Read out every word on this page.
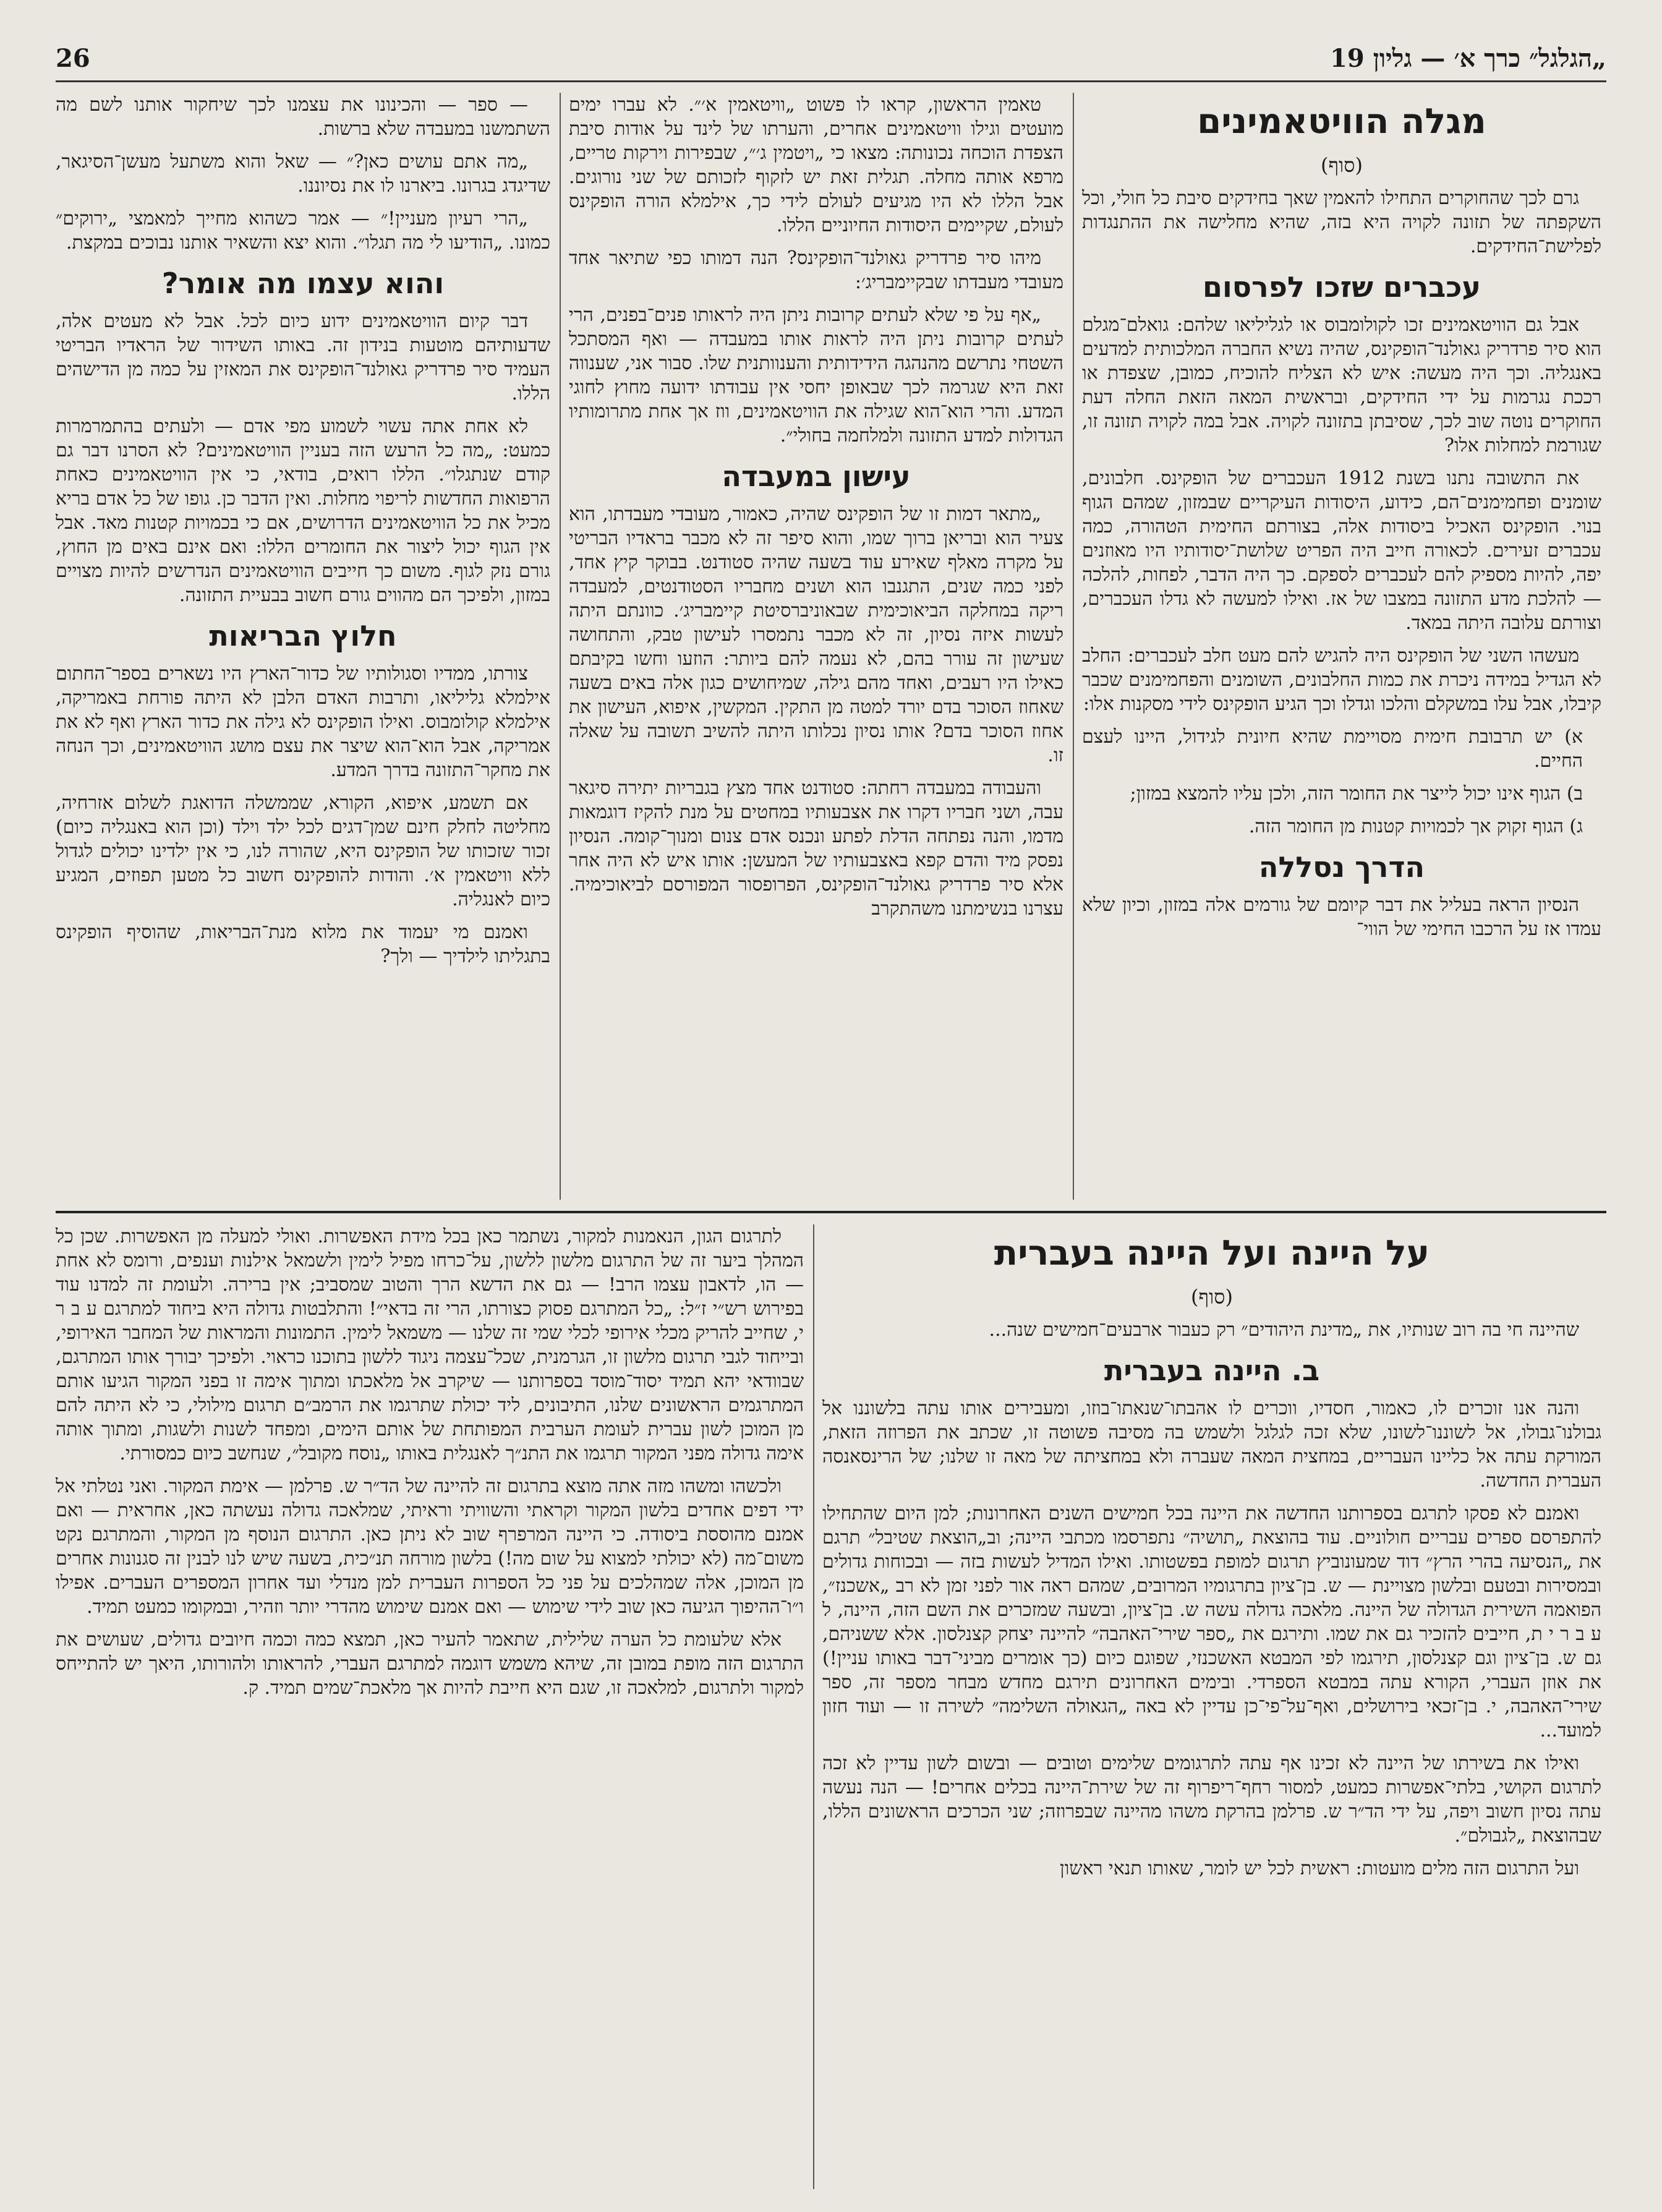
26	„הגלגל״ כרך א׳ — גליון 19
מגלה הוויטאמינים

(סוף)

גרם לכך שהחוקרים התחילו להאמין שאך בחידקים סיבת כל חולי, וכל השקפתה של תזונה לקויה היא בזה, שהיא מחלישה את ההתנגדות לפלישת־החידקים.

עכברים שזכו לפרסום

אבל גם הוויטאמינים זכו לקולומבוס או לגליליאו שלהם: גואלם־מגלם הוא סיר פרדריק גאולנד־הופקינס, שהיה נשיא החברה המלכותית למדעים באנגליה. וכך היה מעשה: איש לא הצליח להוכיח, כמובן, שצפדת או רככת נגרמות על ידי החידקים, ובראשית המאה הזאת החלה דעת החוקרים נוטה שוב לכך, שסיבתן בתזונה לקויה. אבל במה לקויה תזונה זו, שגורמת למחלות אלו?

את התשובה נתנו בשנת 1912 העכברים של הופקינס. חלבונים, שומנים ופחמימנים־הם, כידוע, היסודות העיקריים שבמזון, שמהם הגוף בנוי. הופקינס האכיל ביסודות אלה, בצורתם החימית הטהורה, כמה עכברים זעירים. לכאורה חייב היה הפריט שלושת־יסודותיו היו מאוזנים יפה, להיות מספיק להם לעכברים לספקם. כך היה הדבר, לפחות, להלכה — להלכת מדע התזונה במצבו של אז. ואילו למעשה לא גדלו העכברים, וצורתם עלובה היתה במאד.

מעשהו השני של הופקינס היה להגיש להם מעט חלב לעכברים: החלב לא הגדיל במידה ניכרת את כמות החלבונים, השומנים והפחמימנים שכבר קיבלו, אבל עלו במשקלם והלכו וגדלו וכך הגיע הופקינס לידי מסקנות אלו:

א) יש תרבובת חימית מסויימת שהיא חיונית לגידול, היינו לעצם החיים.

ב) הגוף אינו יכול לייצר את החומר הזה, ולכן עליו להמצא במזון;

ג) הגוף זקוק אך לכמויות קטנות מן החומר הזה.

הדרך נסללה

הנסיון הראה בעליל את דבר קיומם של גורמים אלה במזון, וכיון שלא עמדו אז על הרכבו החימי של הווי־

טאמין הראשון, קראו לו פשוט „וויטאמין א׳״. לא עברו ימים מועטים וגילו וויטאמינים אחרים, והערתו של לינד על אודות סיבת הצפדת הוכחה נכונותה: מצאו כי „ויטמין ג׳״, שבפירות וירקות טריים, מרפא אותה מחלה. תגלית זאת יש לזקוף לזכותם של שני נורוגים. אבל הללו לא היו מגיעים לעולם לידי כך, אילמלא הורה הופקינס לעולם, שקיימים היסודות החיוניים הללו.

מיהו סיר פרדריק גאולנד־הופקינס? הנה דמותו כפי שתיאר אחד מעובדי מעבדתו שבקיימבריג׳:

„אף על פי שלא לעתים קרובות ניתן היה לראותו פנים־בפנים, הרי לעתים קרובות ניתן היה לראות אותו במעבדה — ואף המסתכל השטחי נתרשם מהנהגה הידידותית והענוותנית שלו. סבור אני, שענווה זאת היא שגרמה לכך שבאופן יחסי אין עבודתו ידועה מחוץ לחוגי המדע. והרי הוא־הוא שגילה את הוויטאמינים, ווז אך אחת מתרומותיו הגדולות למדע התזונה ולמלחמה בחולי״.

עישון במעבדה

„מתאר דמות זו של הופקינס שהיה, כאמור, מעובדי מעבדתו, הוא צעיר הוא ובריאן ברוך שמו, והוא סיפר זה לא מכבר בראדיו הבריטי על מקרה מאלף שאירע עוד בשעה שהיה סטודנט. בבוקר קיץ אחד, לפני כמה שנים, התגנבו הוא ושנים מחבריו הסטודנטים, למעבדה ריקה במחלקה הביאוכימית שבאוניברסיטת קיימבריג׳. כוונתם היתה לעשות איזה נסיון, זה לא מכבר נתמסרו לעישון טבק, והתחושה שעישון זה עורר בהם, לא נעמה להם ביותר: הוזעו וחשו בקיבתם כאילו היו רעבים, ואחד מהם גילה, שמיחושים כגון אלה באים בשעה שאחוז הסוכר בדם יורד למטה מן התקין. המקשין, איפוא, העישון את אחוז הסוכר בדם? אותו נסיון נכלותו היתה להשיב תשובה על שאלה זו.

והעבודה במעבדה רחתה: סטודנט אחד מצץ בגבריות יתירה סיגאר עבה, ושני חבריו דקרו את אצבעותיו במחטים על מנת להקיז דוגמאות מדמו, והנה נפתחה הדלת לפתע ונכנס אדם צנום ומנוך־קומה. הנסיון נפסק מיד והדם קפא באצבעותיו של המעשן: אותו איש לא היה אחר אלא סיר פרדריק גאולנד־הופקינס, הפרופסור המפורסם לביאוכימיה. עצרנו בנשימתנו משהתקרב

— ספר — והכינונו את עצמנו לכך שיחקור אותנו לשם מה השתמשנו במעבדה שלא ברשות.

„מה אתם עושים כאן?״ — שאל והוא משתעל מעשן־הסיגאר, שדיגדג בגרונו. ביארנו לו את נסיוננו.

„הרי רעיון מעניין!״ — אמר כשהוא מחייך למאמצי „ירוקים״ כמונו. „הודיעו לי מה תגלו״. והוא יצא והשאיר אותנו נבוכים במקצת.

והוא עצמו מה אומר?

דבר קיום הוויטאמינים ידוע כיום לכל. אבל לא מעטים אלה, שדעותיהם מוטעות בנידון זה. באותו השידור של הראדיו הבריטי העמיד סיר פרדריק גאולנד־הופקינס את המאזין על כמה מן הדישהים הללו.

לא אחת אתה עשוי לשמוע מפי אדם — ולעתים בהתמרמרות כמעט: „מה כל הרעש הזה בעניין הוויטאמינים? לא הסרנו דבר גם קודם שנתגלו״. הללו רואים, בודאי, כי אין הוויטאמינים כאחת הרפואות החדשות לריפוי מחלות. ואין הדבר כן. גופו של כל אדם בריא מכיל את כל הוויטאמינים הדרושים, אם כי בכמויות קטנות מאד. אבל אין הגוף יכול ליצור את החומרים הללו: ואם אינם באים מן החוץ, גורם נזק לגוף. משום כך חייבים הוויטאמינים הנדרשים להיות מצויים במזון, ולפיכך הם מהווים גורם חשוב בבעיית התזונה.

חלוץ הבריאות

צורתו, ממדיו וסגולותיו של כדור־הארץ היו נשארים בספר־החתום אילמלא גליליאו, ותרבות האדם הלבן לא היתה פורחת באמריקה, אילמלא קולומבוס. ואילו הופקינס לא גילה את כדור הארץ ואף לא את אמריקה, אבל הוא־הוא שיצר את עצם מושג הוויטאמינים, וכך הנחה את מחקר־התזונה בדרך המדע.

אם תשמע, איפוא, הקורא, שממשלה הדואגת לשלום אזרחיה, מחליטה לחלק חינם שמן־דגים לכל ילד וילד (וכן הוא באנגליה כיום) זכור שזכותו של הופקינס היא, שהורה לנו, כי אין ילדינו יכולים לגדול ללא וויטאמין א׳. והודות להופקינס חשוב כל מטען תפוזים, המגיע כיום לאנגליה.

ואמנם מי יעמוד את מלוא מנת־הבריאות, שהוסיף הופקינס בתגליתו לילדיך — ולך?

על היינה ועל היינה בעברית

(סוף)

שהיינה חי בה רוב שנותיו, את „מדינת היהודים״ רק כעבור ארבעים־חמישים שנה...

ב. היינה בעברית

והנה אנו זוכרים לו, כאמור, חסדיו, ווכרים לו אהבתו־שנאתו־בוזו, ומעבירים אותו עתה בלשוננו אל גבולנו־גבולו, אל לשוננו־לשונו, שלא זכה לגלגל ולשמש בה מסיבה פשוטה זו, שכתב את הפרוזה הזאת, המורקת עתה אל כליינו העבריים, במחצית המאה שעברה ולא במחציתה של מאה זו שלנו; של הרינסאנסה העברית החדשה.

ואמנם לא פסקו לתרגם בספרותנו החדשה את היינה בכל חמישים השנים האחרונות; למן היום שהתחילו להתפרסם ספרים עבריים חולוניים. עוד בהוצאת „תושיה״ נתפרסמו מכתבי היינה; וב„הוצאת שטיבל״ תרגם את „הנסיעה בהרי הרץ״ דוד שמעונוביץ תרגום למופת בפשטותו. ואילו המדיל לעשות בזה — ובכוחות גדולים ובמסירות ובטעם ובלשון מצויינת — ש. בן־ציון בתרגומיו המרובים, שמהם ראה אור לפני זמן לא רב „אשכנז״, הפואמה השירית הגדולה של היינה. מלאכה גדולה עשה ש. בן־ציון, ובשעה שמזכרים את השם הזה, היינה, ל ע ב ר י ת, חייבים להזכיר גם את שמו. ותירגם את „ספר שירי־האהבה״ להיינה יצחק קצנלסון. אלא ששניהם, גם ש. בן־ציון וגם קצנלסון, תירגמו לפי המבטא האשכנזי, שפוגם כיום (כך אומרים מביני־דבר באותו עניין!) את אוזן העברי, הקורא עתה במבטא הספרדי. ובימים האחרונים תירגם מחדש מבחר מספר זה, ספר שירי־האהבה, י. בן־זכאי בירושלים, ואף־על־פי־כן עדיין לא באה „הגאולה השלימה״ לשירה זו — ועוד חזון למועד...

ואילו את בשירתו של היינה לא זכינו אף עתה לתרגומים שלימים וטובים — ובשום לשון עדיין לא זכה לתרגום הקושי, בלתי־אפשרות כמעט, למסור רחף־ריפרוף זה של שירת־היינה בכלים אחרים! — הנה נעשה עתה נסיון חשוב ויפה, על ידי הד״ר ש. פרלמן בהרקת משהו מהיינה שבפרוזה; שני הכרכים הראשונים הללו, שבהוצאת „לגבולם״.

ועל התרגום הזה מלים מועטות: ראשית לכל יש לומר, שאותו תנאי ראשון

לתרגום הגון, הנאמנות למקור, נשתמר כאן בכל מידת האפשרות. ואולי למעלה מן האפשרות. שכן כל המהלך ביער זה של התרגום מלשון ללשון, על־כרחו מפיל לימין ולשמאל אילנות וענפים, ורומס לא אחת — הו, לדאבון עצמו הרב! — גם את הדשא הרך והטוב שמסביב; אין ברירה. ולעומת זה למדנו עוד בפירוש רש״י ז״ל: „כל המתרגם פסוק כצורתו, הרי זה בדאי״! והתלבטות גדולה היא ביחוד למתרגם ע ב ר י, שחייב להריק מכלי אירופי לכלי שמי זה שלנו — משמאל לימין. התמונות והמראות של המחבר האירופי, ובייחוד לגבי תרגום מלשון זו, הגרמנית, שכל־עצמה ניגוד ללשון בתוכנו כראוי. ולפיכך יבורך אותו המתרגם, שבוודאי יהא תמיד יסוד־מוסד בספרותנו — שיקרב אל מלאכתו ומתוך אימה זו בפני המקור הגיעו אותם המתרגמים הראשונים שלנו, התיבונים, ליד יכולת שתרגמו את הרמב״ם תרגום מילולי, כי לא היתה להם מן המוכן לשון עברית לעומת הערבית המפותחת של אותם הימים, ומפחד לשנות ולשגות, ומתוך אותה אימה גדולה מפני המקור תרגמו את התנ״ך לאנגלית באותו „נוסח מקובל״, שנחשב כיום כמסורתי.

ולכשהו ומשהו מזה אתה מוצא בתרגום זה להיינה של הד״ר ש. פרלמן — אימת המקור. ואני נטלתי אל ידי דפים אחדים בלשון המקור וקראתי והשוויתי וראיתי, שמלאכה גדולה נעשתה כאן, אחראית — ואם אמנם מהוססת ביסודה. כי היינה המרפרף שוב לא ניתן כאן. התרגום הנוסף מן המקור, והמתרגם נקט משום־מה (לא יכולתי למצוא על שום מה!) בלשון מורחה תנ״כית, בשעה שיש לנו לבנין זה סגנונות אחרים מן המוכן, אלה שמהלכים על פני כל הספרות העברית למן מנדלי ועד אחרון המספרים העברים. אפילו ו״ו־ההיפוך הגיעה כאן שוב לידי שימוש — ואם אמנם שימוש מהדרי יותר וזהיר, ובמקומו כמעט תמיד.

אלא שלעומת כל הערה שלילית, שתאמר להעיר כאן, תמצא כמה וכמה חיובים גדולים, שעושים את התרגום הזה מופת במובן זה, שיהא משמש דוגמה למתרגם העברי, להראותו ולהורותו, היאך יש להתייחס למקור ולתרגום, למלאכה זו, שגם היא חייבת להיות אך מלאכת־שמים תמיד. ק.
